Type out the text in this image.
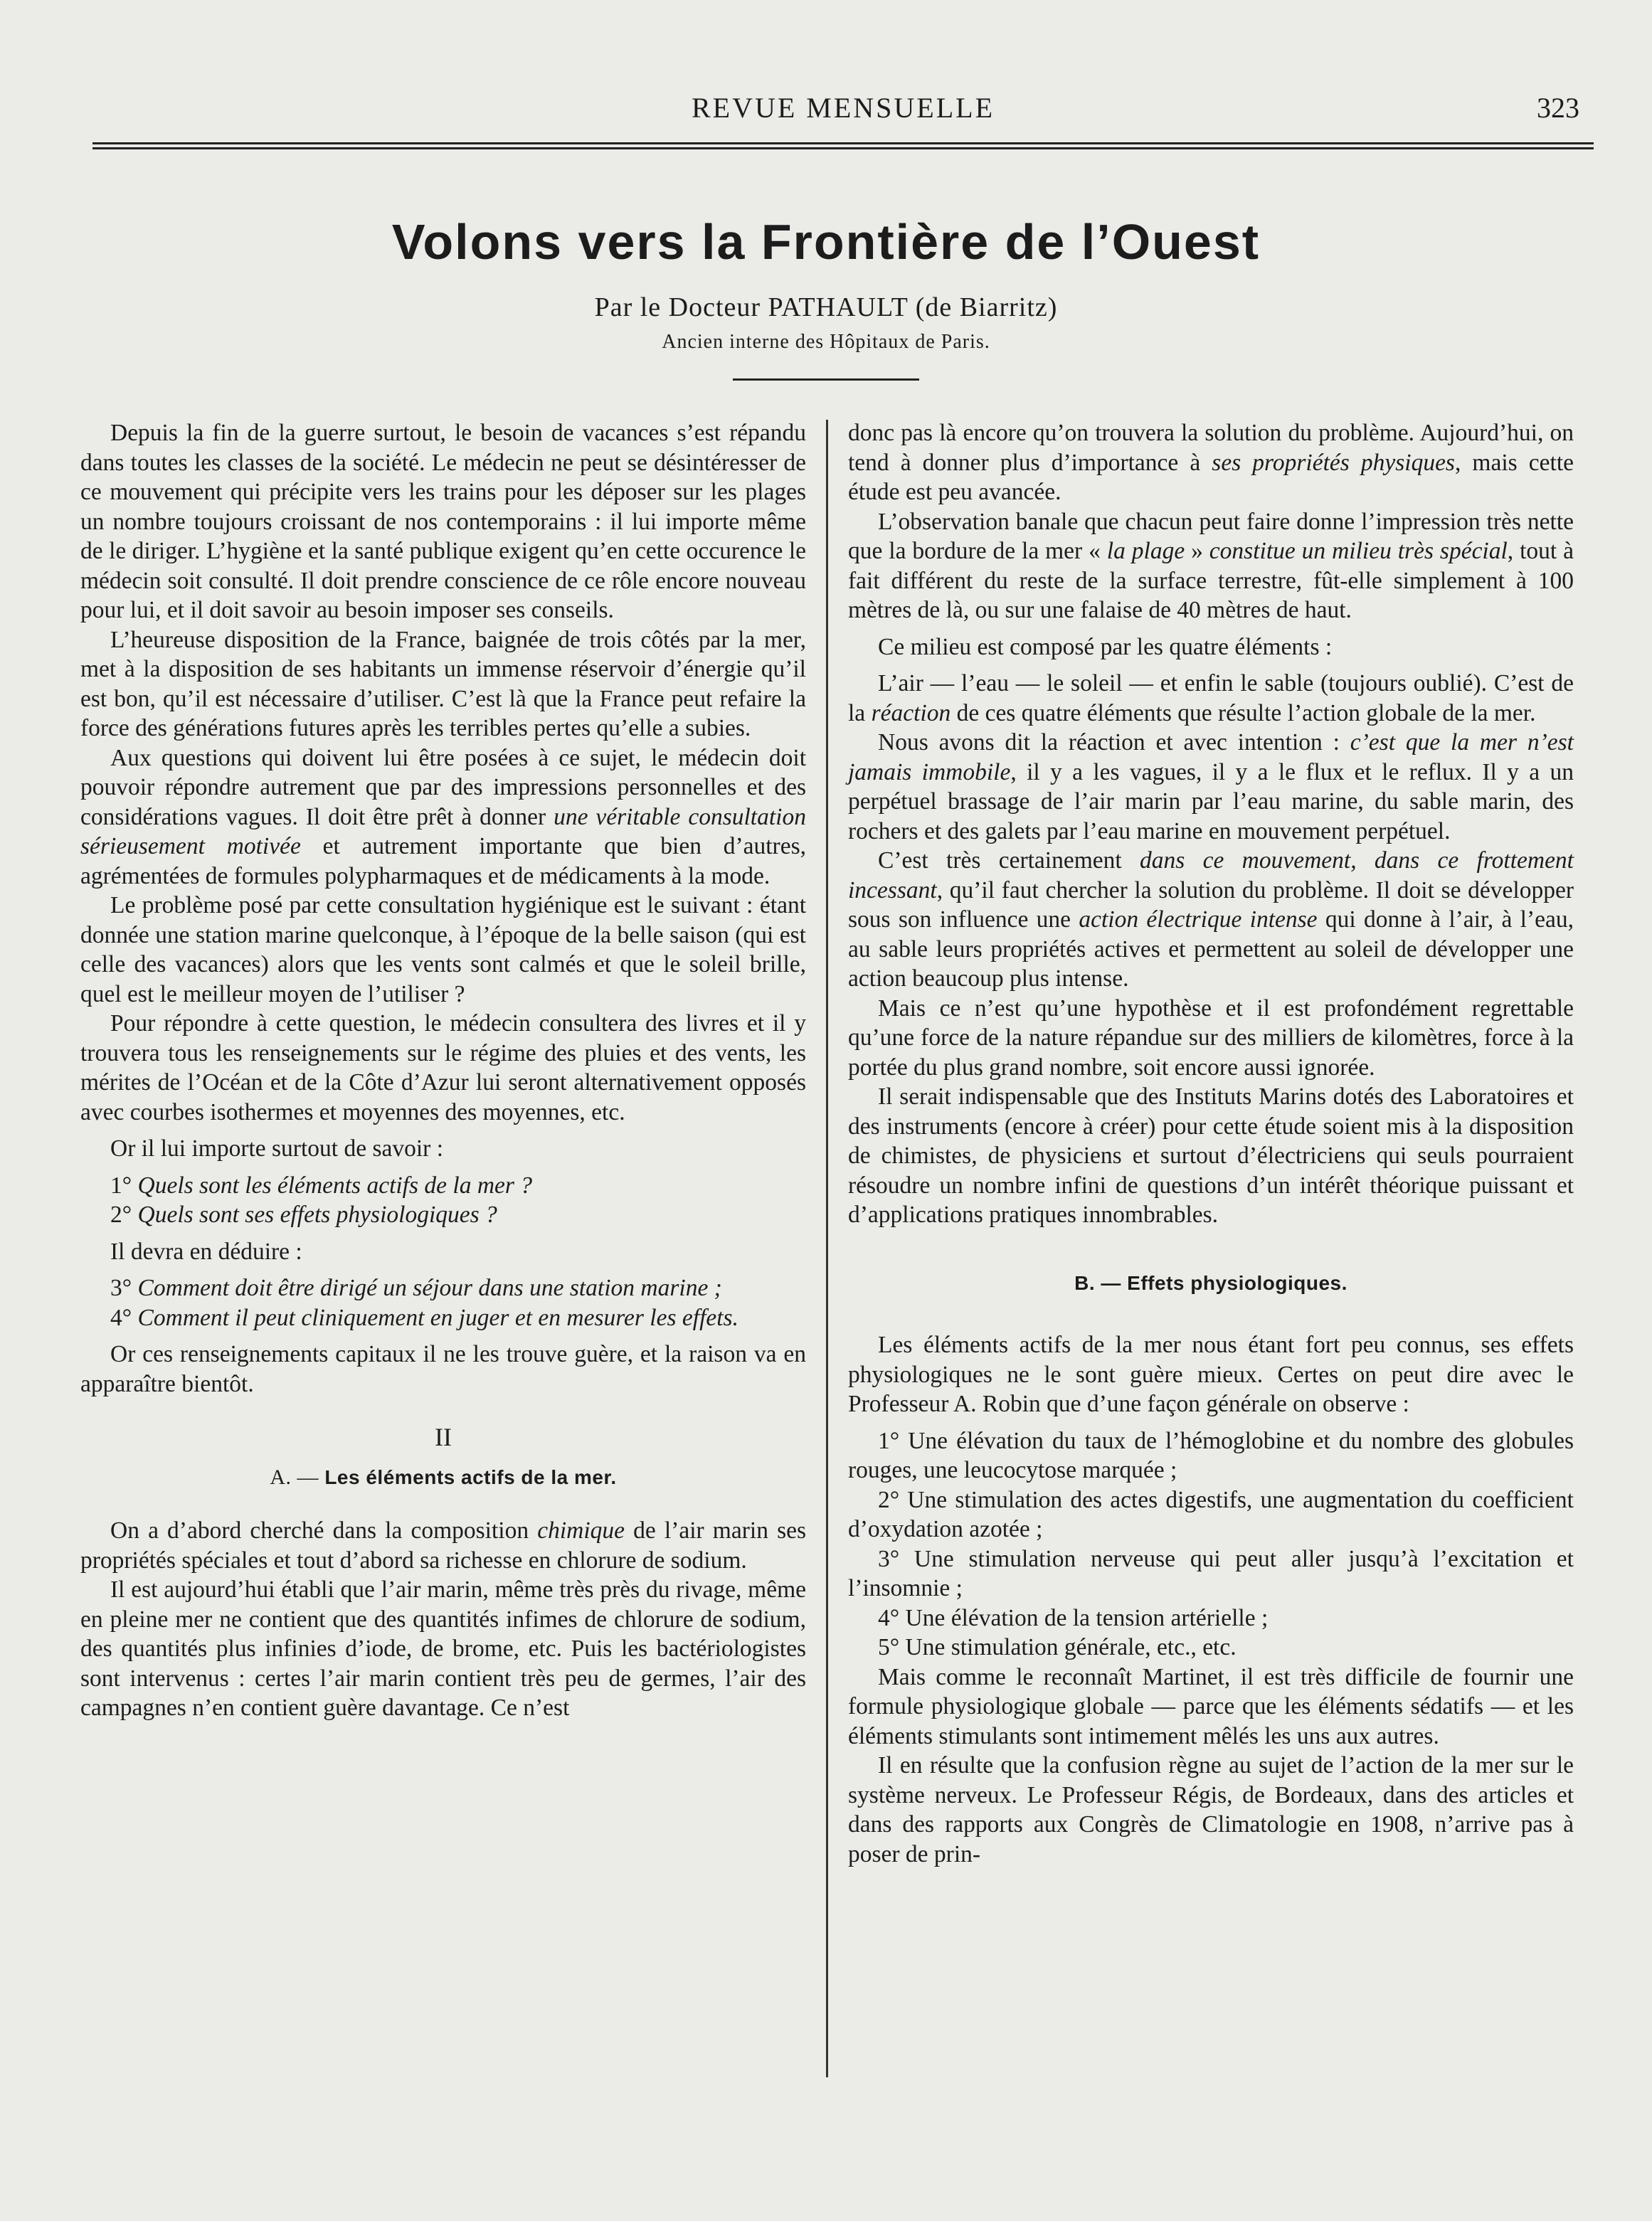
REVUE MENSUELLE	323
Volons vers la Frontière de l’Ouest
Par le Docteur PATHAULT (de Biarritz)
Ancien interne des Hôpitaux de Paris.

Depuis la fin de la guerre surtout, le besoin de vacances s’est répandu dans toutes les classes de la société. Le médecin ne peut se désintéresser de ce mouvement qui précipite vers les trains pour les déposer sur les plages un nombre toujours croissant de nos contemporains : il lui importe même de le diriger. L’hygiène et la santé publique exigent qu’en cette occurence le médecin soit consulté. Il doit prendre conscience de ce rôle encore nouveau pour lui, et il doit savoir au besoin imposer ses conseils.

L’heureuse disposition de la France, baignée de trois côtés par la mer, met à la disposition de ses habitants un immense réservoir d’énergie qu’il est bon, qu’il est nécessaire d’utiliser. C’est là que la France peut refaire la force des générations futures après les terribles pertes qu’elle a subies.

Aux questions qui doivent lui être posées à ce sujet, le médecin doit pouvoir répondre autrement que par des impressions personnelles et des considérations vagues. Il doit être prêt à donner une véritable consultation sérieusement motivée et autrement importante que bien d’autres, agrémentées de formules polypharmaques et de médicaments à la mode.

Le problème posé par cette consultation hygiénique est le suivant : étant donnée une station marine quelconque, à l’époque de la belle saison (qui est celle des vacances) alors que les vents sont calmés et que le soleil brille, quel est le meilleur moyen de l’utiliser ?

Pour répondre à cette question, le médecin consultera des livres et il y trouvera tous les renseignements sur le régime des pluies et des vents, les mérites de l’Océan et de la Côte d’Azur lui seront alternativement opposés avec courbes isothermes et moyennes des moyennes, etc.

Or il lui importe surtout de savoir :

1° Quels sont les éléments actifs de la mer ?

2° Quels sont ses effets physiologiques ?

Il devra en déduire :

3° Comment doit être dirigé un séjour dans une station marine ;

4° Comment il peut cliniquement en juger et en mesurer les effets.

Or ces renseignements capitaux il ne les trouve guère, et la raison va en apparaître bientôt.

II

A. — Les éléments actifs de la mer.

On a d’abord cherché dans la composition chimique de l’air marin ses propriétés spéciales et tout d’abord sa richesse en chlorure de sodium.

Il est aujourd’hui établi que l’air marin, même très près du rivage, même en pleine mer ne contient que des quantités infimes de chlorure de sodium, des quantités plus infinies d’iode, de brome, etc. Puis les bactériologistes sont intervenus : certes l’air marin contient très peu de germes, l’air des campagnes n’en contient guère davantage. Ce n’est

donc pas là encore qu’on trouvera la solution du problème. Aujourd’hui, on tend à donner plus d’importance à ses propriétés physiques, mais cette étude est peu avancée.

L’observation banale que chacun peut faire donne l’impression très nette que la bordure de la mer « la plage » constitue un milieu très spécial, tout à fait différent du reste de la surface terrestre, fût-elle simplement à 100 mètres de là, ou sur une falaise de 40 mètres de haut.

Ce milieu est composé par les quatre éléments :

L’air — l’eau — le soleil — et enfin le sable (toujours oublié). C’est de la réaction de ces quatre éléments que résulte l’action globale de la mer.

Nous avons dit la réaction et avec intention : c’est que la mer n’est jamais immobile, il y a les vagues, il y a le flux et le reflux. Il y a un perpétuel brassage de l’air marin par l’eau marine, du sable marin, des rochers et des galets par l’eau marine en mouvement perpétuel.

C’est très certainement dans ce mouvement, dans ce frottement incessant, qu’il faut chercher la solution du problème. Il doit se développer sous son influence une action électrique intense qui donne à l’air, à l’eau, au sable leurs propriétés actives et permettent au soleil de développer une action beaucoup plus intense.

Mais ce n’est qu’une hypothèse et il est profondément regrettable qu’une force de la nature répandue sur des milliers de kilomètres, force à la portée du plus grand nombre, soit encore aussi ignorée.

Il serait indispensable que des Instituts Marins dotés des Laboratoires et des instruments (encore à créer) pour cette étude soient mis à la disposition de chimistes, de physiciens et surtout d’électriciens qui seuls pourraient résoudre un nombre infini de questions d’un intérêt théorique puissant et d’applications pratiques innombrables.

B. — Effets physiologiques.

Les éléments actifs de la mer nous étant fort peu connus, ses effets physiologiques ne le sont guère mieux. Certes on peut dire avec le Professeur A. Robin que d’une façon générale on observe :

1° Une élévation du taux de l’hémoglobine et du nombre des globules rouges, une leucocytose marquée ;

2° Une stimulation des actes digestifs, une augmentation du coefficient d’oxydation azotée ;

3° Une stimulation nerveuse qui peut aller jusqu’à l’excitation et l’insomnie ;

4° Une élévation de la tension artérielle ;

5° Une stimulation générale, etc., etc.

Mais comme le reconnaît Martinet, il est très difficile de fournir une formule physiologique globale — parce que les éléments sédatifs — et les éléments stimulants sont intimement mêlés les uns aux autres.

Il en résulte que la confusion règne au sujet de l’action de la mer sur le système nerveux. Le Professeur Régis, de Bordeaux, dans des articles et dans des rapports aux Congrès de Climatologie en 1908, n’arrive pas à poser de prin-
